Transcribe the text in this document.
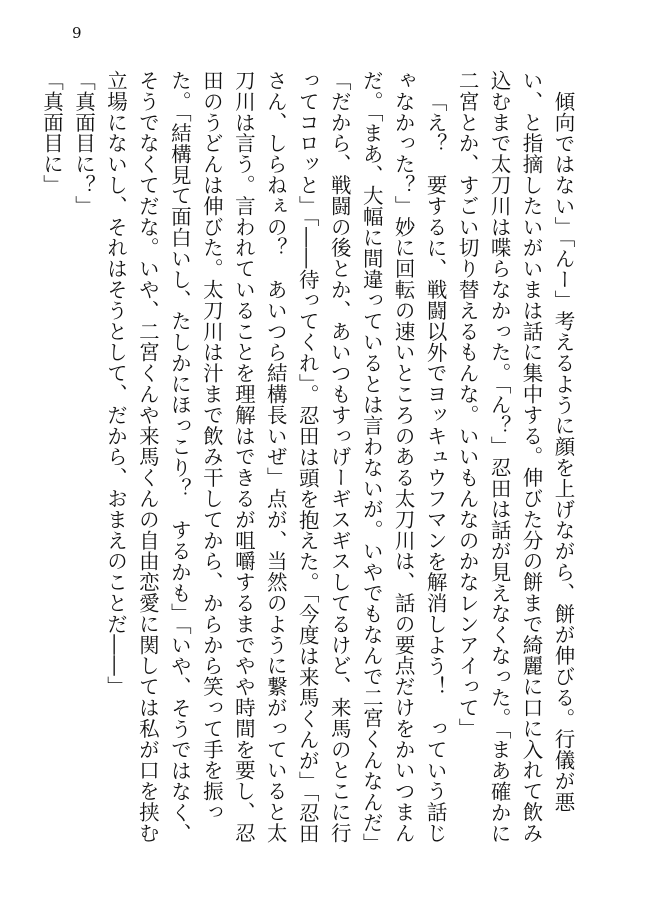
9

傾向ではない」「んー」考えるように顔を上げながら、餅が伸びる。行儀が悪い、と指摘したいがいまは話に集中する。伸びた分の餅まで綺麗に口に入れて飲み込むまで太刀川は喋らなかった。「ん？」忍田は話が見えなくなった。「まあ確かに二宮とか、すごい切り替えるもんな。いいもんなのかなレンアイって」

「え？　要するに、戦闘以外でヨッキュウフマンを解消しよう！　っていう話じゃなかった？」妙に回転の速いところのある太刀川は、話の要点だけをかいつまんだ。「まあ、大幅に間違っているとは言わないが。いやでもなんで二宮くんなんだ」「だから、戦闘の後とか、あいつもすっげーギスギスしてるけど、来馬のとこに行ってコロッと」「――待ってくれ」。忍田は頭を抱えた。「今度は来馬くんが」「忍田さん、しらねぇの？　あいつら結構長いぜ」点が、当然のように繋がっていると太刀川は言う。言われていることを理解はできるが咀嚼するまでやや時間を要し、忍田のうどんは伸びた。太刀川は汁まで飲み干してから、からから笑って手を振った。「結構見て面白いし、たしかにほっこり？　するかも」「いや、そうではなく、そうでなくてだな。いや、二宮くんや来馬くんの自由恋愛に関しては私が口を挟む立場にないし、それはそうとして、だから、おまえのことだ――」

「真面目に？」

「真面目に」
